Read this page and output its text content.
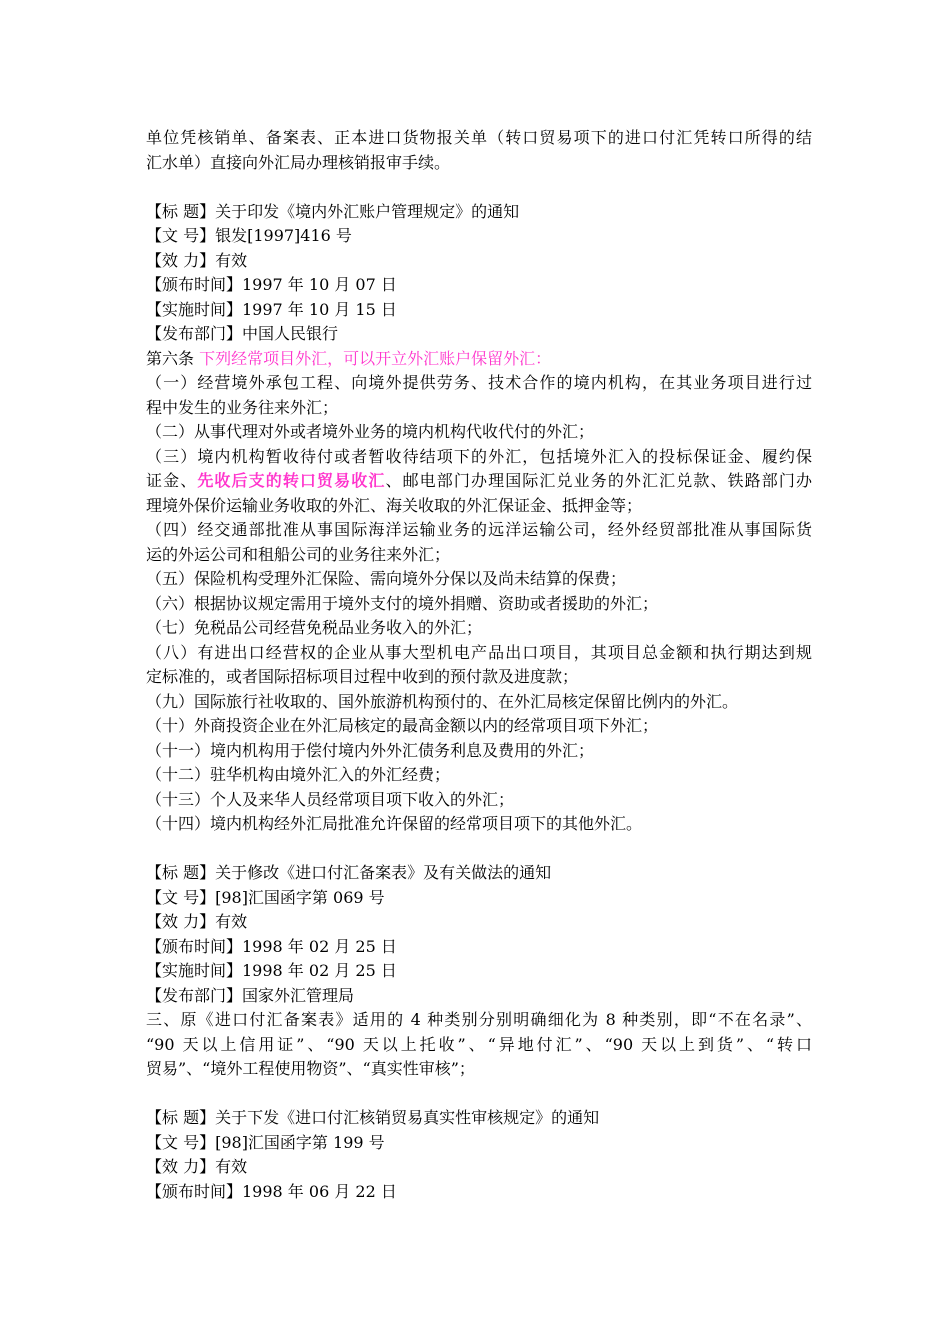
单位凭核销单、备案表、正本进口货物报关单（转口贸易项下的进口付汇凭转口所得的结
汇水单）直接向外汇局办理核销报审手续。
【标 题】关于印发《境内外汇账户管理规定》的通知
【文 号】银发[1997]416 号
【效 力】有效
【颁布时间】1997 年 10 月 07 日
【实施时间】1997 年 10 月 15 日
【发布部门】中国人民银行
第六条 下列经常项目外汇，可以开立外汇账户保留外汇：
（一）经营境外承包工程、向境外提供劳务、技术合作的境内机构，在其业务项目进行过
程中发生的业务往来外汇；
（二）从事代理对外或者境外业务的境内机构代收代付的外汇；
（三）境内机构暂收待付或者暂收待结项下的外汇，包括境外汇入的投标保证金、履约保
证金、先收后支的转口贸易收汇、邮电部门办理国际汇兑业务的外汇汇兑款、铁路部门办
理境外保价运输业务收取的外汇、海关收取的外汇保证金、抵押金等；
（四）经交通部批准从事国际海洋运输业务的远洋运输公司，经外经贸部批准从事国际货
运的外运公司和租船公司的业务往来外汇；
（五）保险机构受理外汇保险、需向境外分保以及尚未结算的保费；
（六）根据协议规定需用于境外支付的境外捐赠、资助或者援助的外汇；
（七）免税品公司经营免税品业务收入的外汇；
（八）有进出口经营权的企业从事大型机电产品出口项目，其项目总金额和执行期达到规
定标准的，或者国际招标项目过程中收到的预付款及进度款；
（九）国际旅行社收取的、国外旅游机构预付的、在外汇局核定保留比例内的外汇。
（十）外商投资企业在外汇局核定的最高金额以内的经常项目项下外汇；
（十一）境内机构用于偿付境内外外汇债务利息及费用的外汇；
（十二）驻华机构由境外汇入的外汇经费；
（十三）个人及来华人员经常项目项下收入的外汇；
（十四）境内机构经外汇局批准允许保留的经常项目项下的其他外汇。
【标 题】关于修改《进口付汇备案表》及有关做法的通知
【文 号】[98]汇国函字第 069 号
【效 力】有效
【颁布时间】1998 年 02 月 25 日
【实施时间】1998 年 02 月 25 日
【发布部门】国家外汇管理局
三、原《进口付汇备案表》适用的 4 种类别分别明确细化为 8 种类别，即“不在名录”、
“90 天以上信用证”、“90 天以上托收”、“异地付汇”、“90 天以上到货”、“转口
贸易”、“境外工程使用物资”、“真实性审核”；
【标 题】关于下发《进口付汇核销贸易真实性审核规定》的通知
【文 号】[98]汇国函字第 199 号
【效 力】有效
【颁布时间】1998 年 06 月 22 日
